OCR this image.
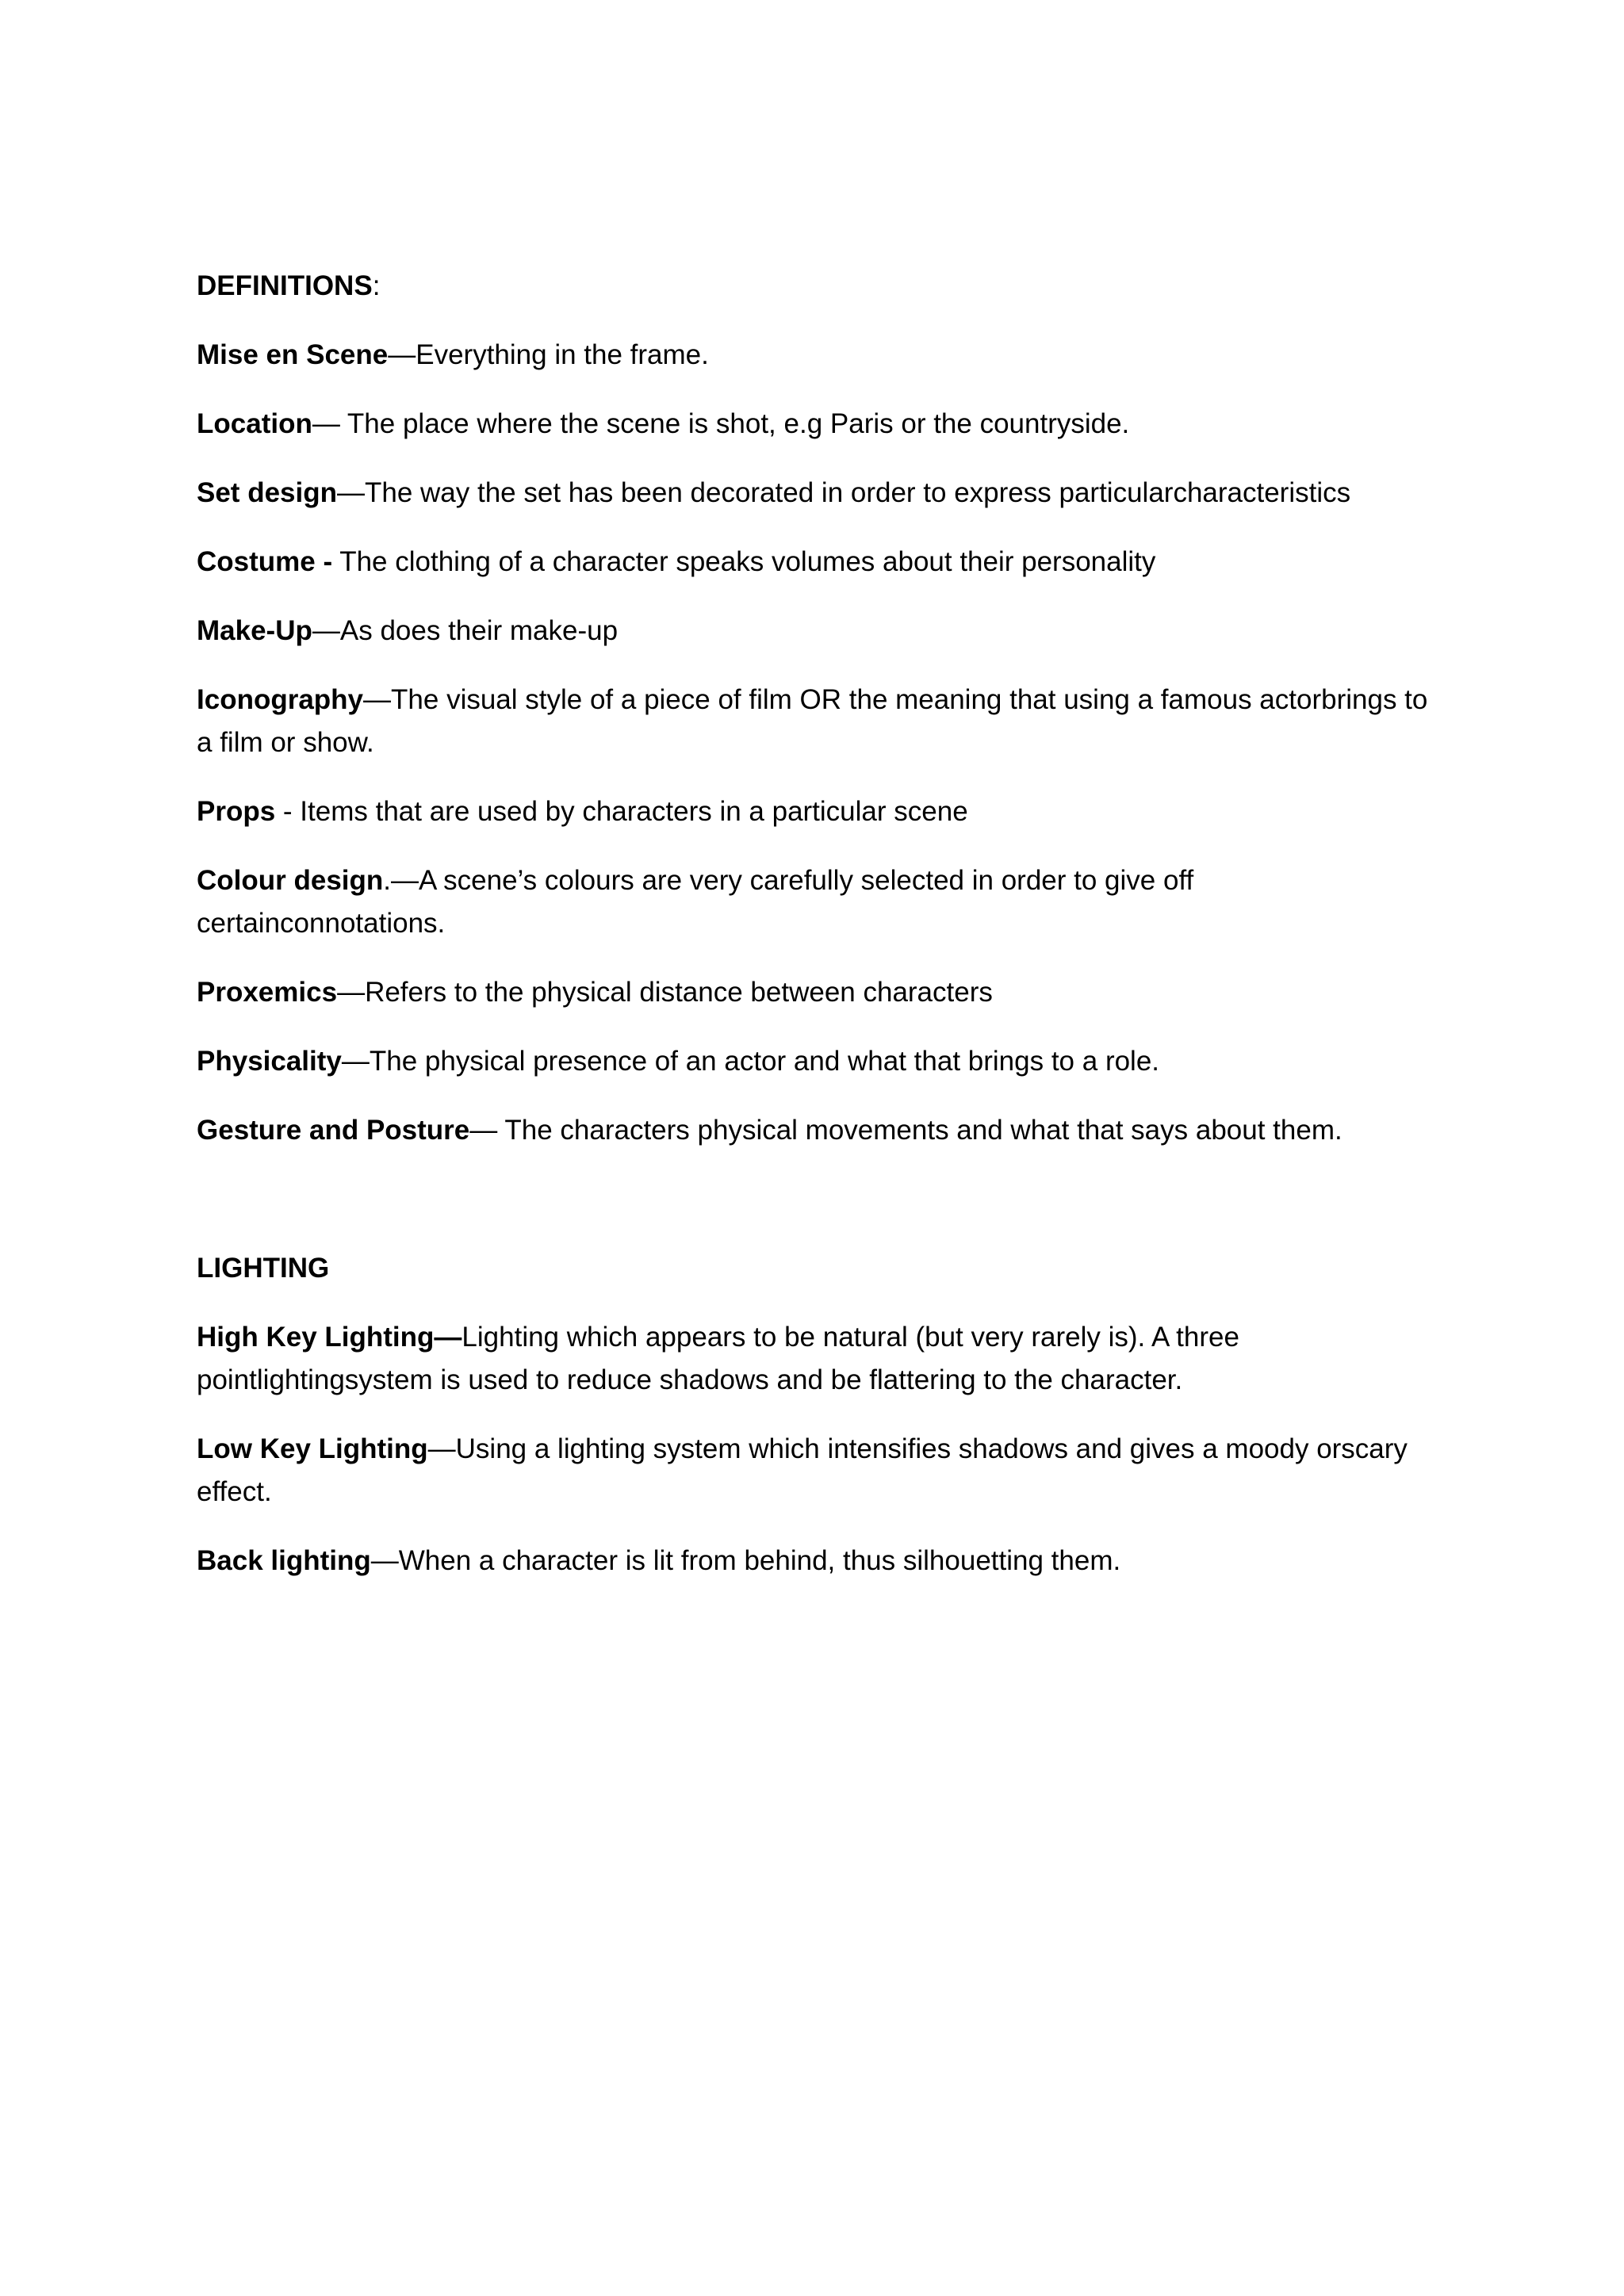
DEFINITIONS:

Mise en Scene—Everything in the frame.

Location— The place where the scene is shot, e.g Paris or the countryside.

Set design—The way the set has been decorated in order to express particularcharacteristics

Costume - The clothing of a character speaks volumes about their personality

Make-Up—As does their make-up

Iconography—The visual style of a piece of film OR the meaning that using a famous actorbrings to a film or show.

Props - Items that are used by characters in a particular scene

Colour design.—A scene’s colours are very carefully selected in order to give off certainconnotations.

Proxemics—Refers to the physical distance between characters

Physicality—The physical presence of an actor and what that brings to a role.

Gesture and Posture— The characters physical movements and what that says about them.

LIGHTING

High Key Lighting—Lighting which appears to be natural (but very rarely is). A three pointlightingsystem is used to reduce shadows and be flattering to the character.

Low Key Lighting—Using a lighting system which intensifies shadows and gives a moody orscary effect.

Back lighting—When a character is lit from behind, thus silhouetting them.
